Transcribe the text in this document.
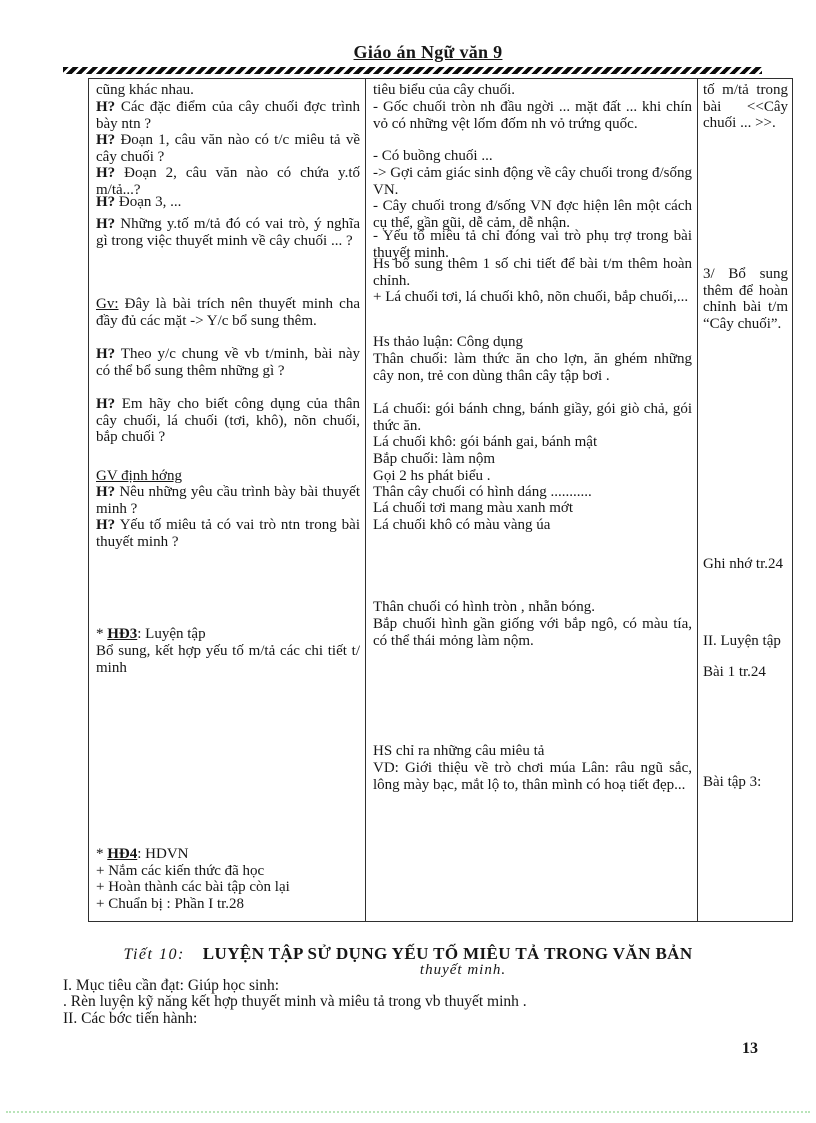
Giáo án Ngữ văn 9

cũng khác nhau.

H? Các đặc điểm của cây chuối đợc trình bày ntn ?

H? Đoạn 1, câu văn nào có t/c miêu tả về cây chuối ?

H? Đoạn 2, câu văn nào có chứa y.tố m/tả...?

H? Đoạn 3, ...

H? Những y.tố m/tả đó có vai trò, ý nghĩa gì trong việc thuyết minh về cây chuối ... ?

Gv: Đây là bài trích nên thuyết minh cha đầy đủ các mặt -> Y/c bổ sung thêm.

H? Theo y/c chung về vb t/minh, bài này có thể bổ sung thêm những gì ?

H? Em hãy cho biết công dụng của thân cây chuối, lá chuối (tơi, khô), nõn chuối, bắp chuối ?

GV định hớng

H? Nêu những yêu cầu trình bày bài thuyết minh ?

H? Yếu tố miêu tả có vai trò ntn trong bài thuyết minh ?

* HĐ3: Luyện tập

Bổ sung, kết hợp yếu tố m/tả các chi tiết t/ minh

* HĐ4: HDVN

+ Nắm các kiến thức đã học

+ Hoàn thành các bài tập còn lại

+ Chuẩn bị : Phần I tr.28

tiêu biểu của cây chuối.

- Gốc chuối tròn nh đầu ngời ... mặt đất ... khi chín vỏ có những vệt lốm đốm nh vỏ trứng quốc.

- Có buồng chuối ...

-> Gợi cảm giác sinh động về cây chuối trong đ/sống VN.

- Cây chuối trong đ/sống VN đợc hiện lên một cách cụ thể, gần gũi, dễ cảm, dễ nhận.

- Yếu tố miêu tả chỉ đóng vai trò phụ trợ trong bài thuyết minh.

Hs bổ sung thêm 1 số chi tiết để bài t/m thêm hoàn chỉnh.

+ Lá chuối tơi, lá chuối khô, nõn chuối, bắp chuối,...

Hs thảo luận: Công dụng

Thân chuối: làm thức ăn cho lợn, ăn ghém những cây non, trẻ con dùng thân cây tập bơi .

Lá chuối: gói bánh chng, bánh giầy, gói giò chả, gói thức ăn.

Lá chuối khô: gói bánh gai, bánh mật

Bắp chuối: làm nộm

Gọi 2 hs phát biểu .

Thân cây chuối có hình dáng ...........

Lá chuối tơi mang màu xanh mớt

Lá chuối khô có màu vàng úa

Thân chuối có hình tròn , nhẵn bóng.

Bắp chuối hình gần giống với bắp ngô, có màu tía, có thể thái mỏng làm nộm.

HS chỉ ra những câu miêu tả

VD: Giới thiệu về trò chơi múa Lân: râu ngũ sắc, lông mày bạc, mắt lộ to, thân mình có hoạ tiết đẹp...

tố m/tả trong bài <<Cây chuối ... >>.

3/ Bổ sung thêm để hoàn chỉnh bài t/m “Cây chuối”.

Ghi nhớ tr.24

II. Luyện tập

Bài 1 tr.24

Bài tập 3:

Tiết 10: LUYỆN TẬP SỬ DỤNG YẾU TỐ MIÊU TẢ TRONG VĂN BẢN
thuyết minh.

I. Mục tiêu cần đạt: Giúp học sinh:

. Rèn luyện kỹ năng kết hợp thuyết minh và miêu tả trong vb thuyết minh .

II. Các bớc tiến hành:

13
